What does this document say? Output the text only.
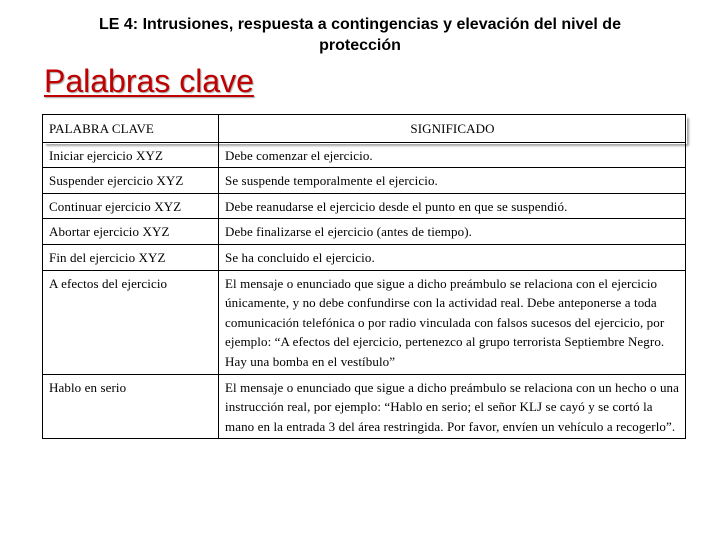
LE 4: Intrusiones, respuesta a contingencias y elevación del nivel de
protección
Palabras clave
PALABRA CLAVE	SIGNIFICADO
Iniciar ejercicio XYZ	Debe comenzar el ejercicio.
Suspender ejercicio XYZ	Se suspende temporalmente el ejercicio.
Continuar ejercicio XYZ	Debe reanudarse el ejercicio desde el punto en que se suspendió.
Abortar ejercicio XYZ	Debe finalizarse el ejercicio (antes de tiempo).
Fin del ejercicio XYZ	Se ha concluido el ejercicio.
A efectos del ejercicio	El mensaje o enunciado que sigue a dicho preámbulo se relaciona con el ejercicio únicamente, y no debe confundirse con la actividad real. Debe anteponerse a toda comunicación telefónica o por radio vinculada con falsos sucesos del ejercicio, por ejemplo: “A efectos del ejercicio, pertenezco al grupo terrorista Septiembre Negro. Hay una bomba en el vestíbulo”
Hablo en serio	El mensaje o enunciado que sigue a dicho preámbulo se relaciona con un hecho o una instrucción real, por ejemplo: “Hablo en serio; el señor KLJ se cayó y se cortó la mano en la entrada 3 del área restringida. Por favor, envíen un vehículo a recogerlo”.
